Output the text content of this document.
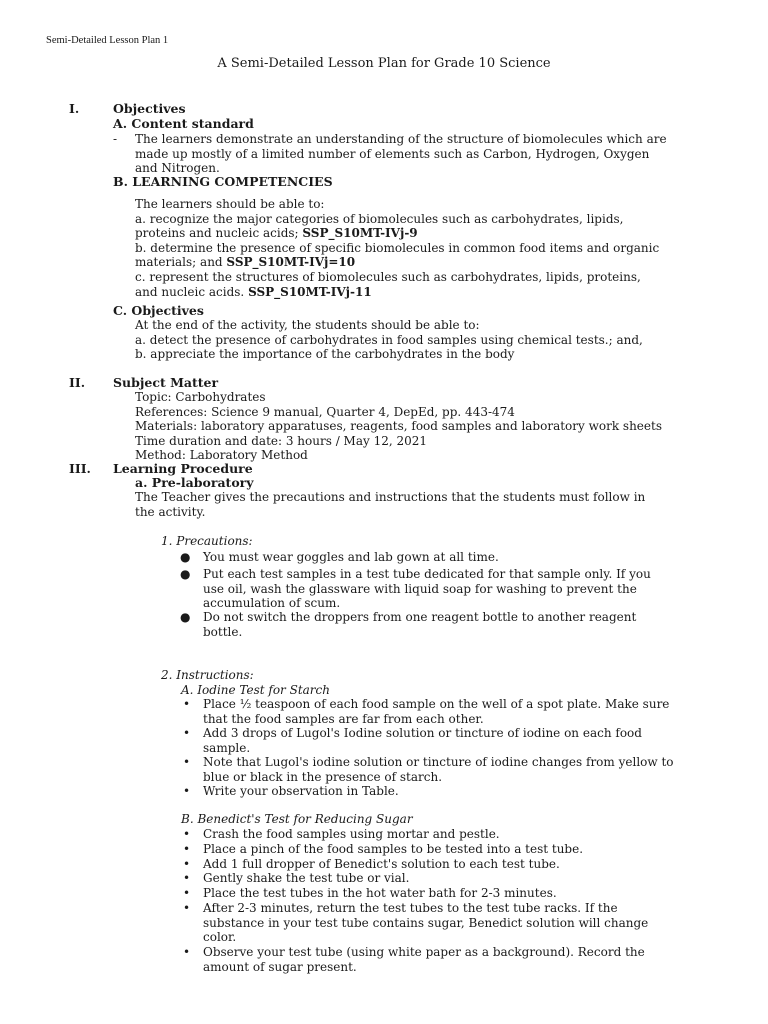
Semi-Detailed Lesson Plan 1
A Semi-Detailed Lesson Plan for Grade 10 Science
I.	Objectives
A. Content standard
- The learners demonstrate an understanding of the structure of biomolecules which are
made up mostly of a limited number of elements such as Carbon, Hydrogen, Oxygen
and Nitrogen.
B. LEARNING COMPETENCIES
The learners should be able to:
a. recognize the major categories of biomolecules such as carbohydrates, lipids,
proteins and nucleic acids; SSP_S10MT-IVj-9
b. determine the presence of specific biomolecules in common food items and organic
materials; and SSP_S10MT-IVj=10
c. represent the structures of biomolecules such as carbohydrates, lipids, proteins,
and nucleic acids. SSP_S10MT-IVj-11
C. Objectives
At the end of the activity, the students should be able to:
a. detect the presence of carbohydrates in food samples using chemical tests.; and,
b. appreciate the importance of the carbohydrates in the body
II. Subject Matter
Topic: Carbohydrates
References: Science 9 manual, Quarter 4, DepEd, pp. 443-474
Materials: laboratory apparatuses, reagents, food samples and laboratory work sheets
Time duration and date: 3 hours / May 12, 2021
Method: Laboratory Method
III. Learning Procedure
a. Pre-laboratory
The Teacher gives the precautions and instructions that the students must follow in
the activity.
1. Precautions:
● You must wear goggles and lab gown at all time.
● Put each test samples in a test tube dedicated for that sample only. If you
use oil, wash the glassware with liquid soap for washing to prevent the
accumulation of scum.
● Do not switch the droppers from one reagent bottle to another reagent
bottle.
2. Instructions:
A. Iodine Test for Starch
• Place ½ teaspoon of each food sample on the well of a spot plate. Make sure
that the food samples are far from each other.
• Add 3 drops of Lugol's Iodine solution or tincture of iodine on each food
sample.
• Note that Lugol's iodine solution or tincture of iodine changes from yellow to
blue or black in the presence of starch.
• Write your observation in Table.
B. Benedict's Test for Reducing Sugar
• Crash the food samples using mortar and pestle.
• Place a pinch of the food samples to be tested into a test tube.
• Add 1 full dropper of Benedict's solution to each test tube.
• Gently shake the test tube or vial.
• Place the test tubes in the hot water bath for 2-3 minutes.
• After 2-3 minutes, return the test tubes to the test tube racks. If the
substance in your test tube contains sugar, Benedict solution will change
color.
• Observe your test tube (using white paper as a background). Record the
amount of sugar present.
